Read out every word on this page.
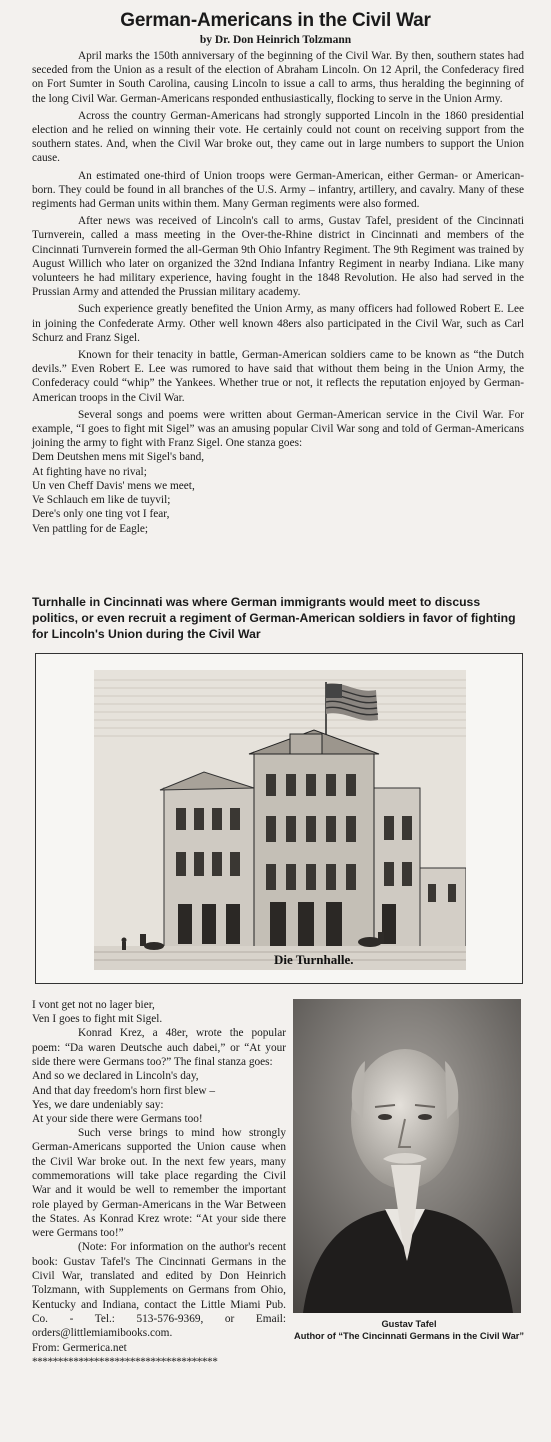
German-Americans in the Civil War
by Dr. Don Heinrich Tolzmann

April marks the 150th anniversary of the beginning of the Civil War. By then, southern states had seceded from the Union as a result of the election of Abraham Lincoln. On 12 April, the Confederacy fired on Fort Sumter in South Carolina, causing Lincoln to issue a call to arms, thus heralding the beginning of the long Civil War. German-Americans responded enthusiastically, flocking to serve in the Union Army.

Across the country German-Americans had strongly supported Lincoln in the 1860 presidential election and he relied on winning their vote. He certainly could not count on receiving support from the southern states. And, when the Civil War broke out, they came out in large numbers to support the Union cause.

An estimated one-third of Union troops were German-American, either German- or American-born. They could be found in all branches of the U.S. Army – infantry, artillery, and cavalry. Many of these regiments had German units within them. Many German regiments were also formed.

After news was received of Lincoln's call to arms, Gustav Tafel, president of the Cincinnati Turnverein, called a mass meeting in the Over-the-Rhine district in Cincinnati and members of the Cincinnati Turnverein formed the all-German 9th Ohio Infantry Regiment. The 9th Regiment was trained by August Willich who later on organized the 32nd Indiana Infantry Regiment in nearby Indiana. Like many volunteers he had military experience, having fought in the 1848 Revolution. He also had served in the Prussian Army and attended the Prussian military academy.

Such experience greatly benefited the Union Army, as many officers had followed Robert E. Lee in joining the Confederate Army. Other well known 48ers also participated in the Civil War, such as Carl Schurz and Franz Sigel.

Known for their tenacity in battle, German-American soldiers came to be known as “the Dutch devils.” Even Robert E. Lee was rumored to have said that without them being in the Union Army, the Confederacy could “whip” the Yankees. Whether true or not, it reflects the reputation enjoyed by German-American troops in the Civil War.

Several songs and poems were written about German-American service in the Civil War. For example, “I goes to fight mit Sigel” was an amusing popular Civil War song and told of German-Americans joining the army to fight with Franz Sigel. One stanza goes:

Dem Deutshen mens mit Sigel's band,
At fighting have no rival;
Un ven Cheff Davis' mens we meet,
Ve Schlauch em like de tuyvil;
Dere's only one ting vot I fear,
Ven pattling for de Eagle;
Turnhalle in Cincinnati was where German immigrants would meet to discuss politics, or even recruit a regiment of German-American soldiers in favor of fighting for Lincoln's Union during the Civil War
Die Turnhalle.
I vont get not no lager bier,
Ven I goes to fight mit Sigel.

Konrad Krez, a 48er, wrote the popular poem: “Da waren Deutsche auch dabei,” or “At your side there were Germans too?” The final stanza goes:

And so we declared in Lincoln's day,
And that day freedom's horn first blew –
Yes, we dare undeniably say:
At your side there were Germans too!

Such verse brings to mind how strongly German-Americans supported the Union cause when the Civil War broke out. In the next few years, many commemorations will take place regarding the Civil War and it would be well to remember the important role played by German-Americans in the War Between the States. As Konrad Krez wrote: “At your side there were Germans too!”

(Note: For information on the author's recent book: Gustav Tafel's The Cincinnati Germans in the Civil War, translated and edited by Don Heinrich Tolzmann, with Supplements on Germans from Ohio, Kentucky and Indiana, contact the Little Miami Pub. Co. - Tel.: 513-576-9369, or Email: orders@littlemiamibooks.com.

From: Germerica.net
************************************
Gustav Tafel
Author of “The Cincinnati Germans in the Civil War”
